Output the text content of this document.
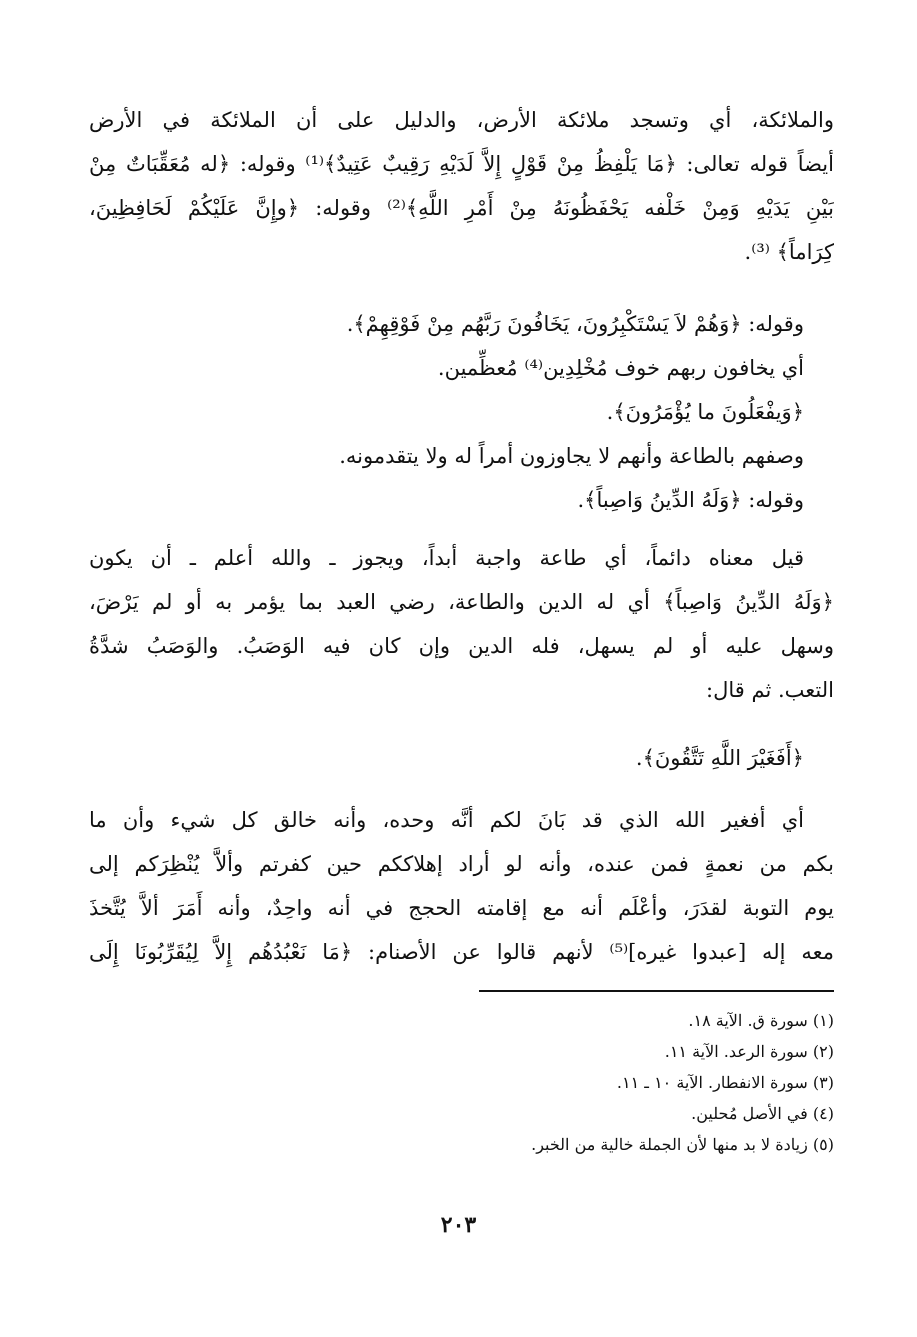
والملائكة، أي وتسجد ملائكة الأرض، والدليل على أن الملائكة في الأرض
أيضاً قوله تعالى: ﴿مَا يَلْفِظُ مِنْ قَوْلٍ إِلاَّ لَدَيْهِ رَقِيبٌ عَتِيدٌ﴾⁽¹⁾ وقوله: ﴿له مُعَقِّبَاتٌ مِنْ
بَيْنِ يَدَيْهِ وَمِنْ خَلْفه يَحْفَظُونَهُ مِنْ أَمْرِ اللَّهِ﴾⁽²⁾ وقوله: ﴿وإِنَّ عَلَيْكُمْ لَحَافِظِينَ،
كِرَاماً﴾ ⁽³⁾.
وقوله: ﴿وَهُمْ لاَ يَسْتَكْبِرُونَ، يَخَافُونَ رَبَّهُم مِنْ فَوْقِهِمْ﴾.
أي يخافون ربهم خوف مُخْلِدِين⁽⁴⁾ مُعظِّمين.
﴿وَيفْعَلُونَ ما يُؤْمَرُونَ﴾.
وصفهم بالطاعة وأنهم لا يجاوزون أمراً له ولا يتقدمونه.
وقوله: ﴿وَلَهُ الدِّينُ وَاصِباً﴾.
قيل معناه دائماً، أي طاعة واجبة أبداً، ويجوز ـ والله أعلم ـ أن يكون
﴿وَلَهُ الدِّينُ وَاصِباً﴾ أي له الدين والطاعة، رضي العبد بما يؤمر به أو لم يَرْضَ،
وسهل عليه أو لم يسهل، فله الدين وإن كان فيه الوَصَبُ. والوَصَبُ شدَّةُ
التعب. ثم قال:
﴿أَفَغَيْرَ اللَّهِ تَتَّقُونَ﴾.
أي أفغير الله الذي قد بَانَ لكم أنَّه وحده، وأنه خالق كل شيء وأن ما
بكم من نعمةٍ فمن عنده، وأنه لو أراد إهلاككم حين كفرتم وألاَّ يُنْظِرَكم إلى
يوم التوبة لقدَرَ، وأعْلَم أنه مع إقامته الحجج في أنه واحِدٌ، وأنه أَمَرَ ألاَّ يُتَّخذَ
معه إله [عبدوا غيره]⁽⁵⁾ لأنهم قالوا عن الأصنام: ﴿مَا نَعْبُدُهُم إِلاَّ لِيُقَرِّبُونَا إِلَى
(١) سورة ق. الآية ١٨.
(٢) سورة الرعد. الآية ١١.
(٣) سورة الانفطار. الآية ١٠ ـ ١١.
(٤) في الأصل مُحلين.
(٥) زيادة لا بد منها لأن الجملة خالية من الخبر.
٢٠٣
